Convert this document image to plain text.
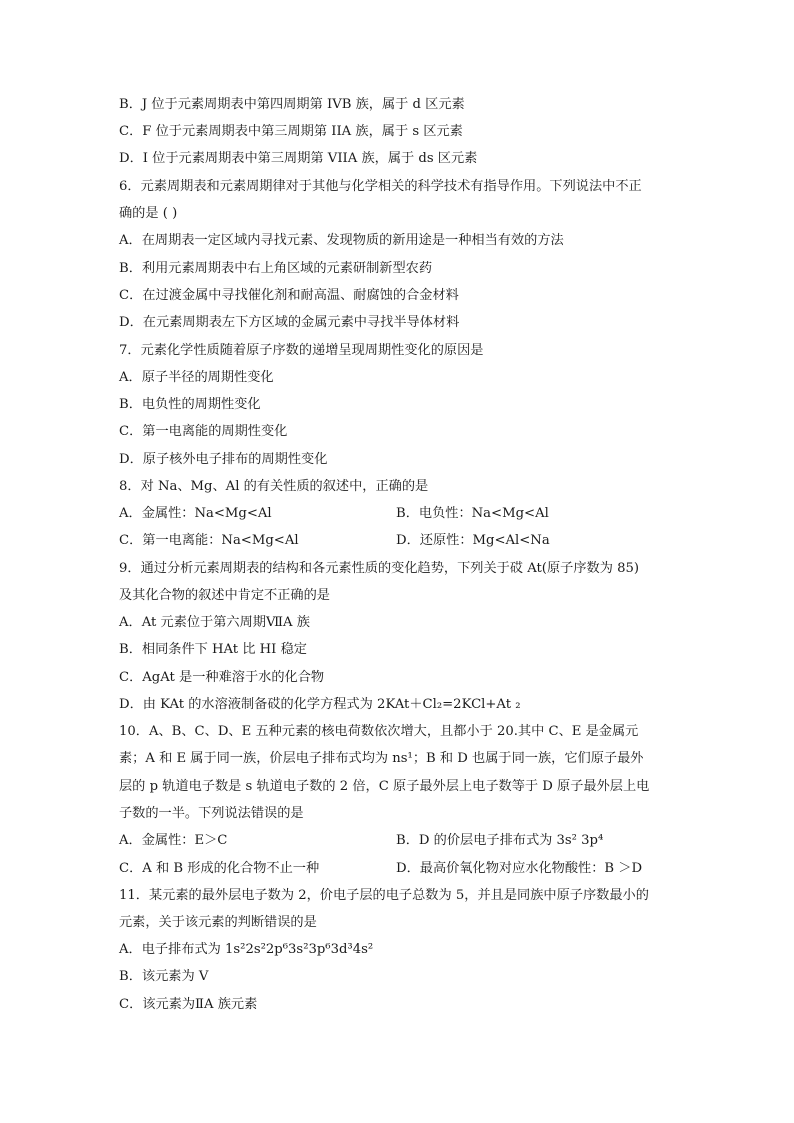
B．J 位于元素周期表中第四周期第 IVB 族，属于 d 区元素
C．F 位于元素周期表中第三周期第 IIA 族，属于 s 区元素
D．I 位于元素周期表中第三周期第 VIIA 族，属于 ds 区元素
6．元素周期表和元素周期律对于其他与化学相关的科学技术有指导作用。下列说法中不正
确的是 ( )
A．在周期表一定区域内寻找元素、发现物质的新用途是一种相当有效的方法
B．利用元素周期表中右上角区域的元素研制新型农药
C．在过渡金属中寻找催化剂和耐高温、耐腐蚀的合金材料
D．在元素周期表左下方区域的金属元素中寻找半导体材料
7．元素化学性质随着原子序数的递增呈现周期性变化的原因是
A．原子半径的周期性变化
B．电负性的周期性变化
C．第一电离能的周期性变化
D．原子核外电子排布的周期性变化
8．对 Na、Mg、Al 的有关性质的叙述中，正确的是
A．金属性：Na<Mg<Al	B．电负性：Na<Mg<Al
C．第一电离能：Na<Mg<Al	D．还原性：Mg<Al<Na
9．通过分析元素周期表的结构和各元素性质的变化趋势，下列关于砹 At(原子序数为 85)
及其化合物的叙述中肯定不正确的是
A．At 元素位于第六周期ⅦA 族
B．相同条件下 HAt 比 HI 稳定
C．AgAt 是一种难溶于水的化合物
D．由 KAt 的水溶液制备砹的化学方程式为 2KAt＋Cl₂=2KCl+At ₂
10．A、B、C、D、E 五种元素的核电荷数依次增大，且都小于 20.其中 C、E 是金属元
素；A 和 E 属于同一族，价层电子排布式均为 ns¹；B 和 D 也属于同一族，它们原子最外
层的 p 轨道电子数是 s 轨道电子数的 2 倍，C 原子最外层上电子数等于 D 原子最外层上电
子数的一半。下列说法错误的是
A．金属性：E＞C	B．D 的价层电子排布式为 3s² 3p⁴
C．A 和 B 形成的化合物不止一种	D．最高价氧化物对应水化物酸性：B ＞D
11．某元素的最外层电子数为 2，价电子层的电子总数为 5，并且是同族中原子序数最小的
元素，关于该元素的判断错误的是
A．电子排布式为 1s²2s²2p⁶3s²3p⁶3d³4s²
B．该元素为 V
C．该元素为ⅡA 族元素
